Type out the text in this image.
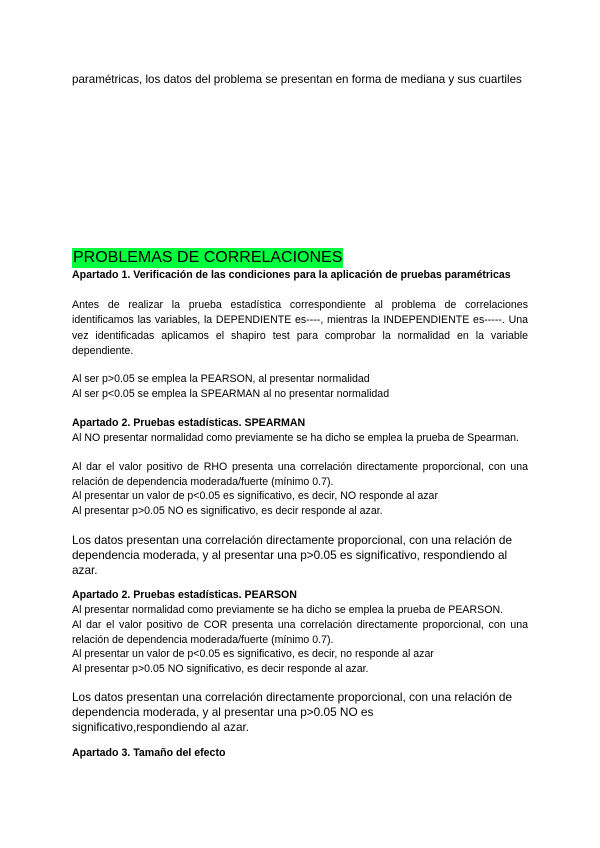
paramétricas, los datos del problema se presentan en forma de mediana y sus cuartiles

PROBLEMAS DE CORRELACIONES

Apartado 1. Verificación de las condiciones para la aplicación de pruebas paramétricas

Antes de realizar la prueba estadística correspondiente al problema de correlaciones identificamos las variables, la DEPENDIENTE es----, mientras la INDEPENDIENTE es-----. Una vez identificadas aplicamos el shapiro test para comprobar la normalidad en la variable dependiente.

Al ser p>0.05 se emplea la PEARSON, al presentar normalidad

Al ser p<0.05 se emplea la SPEARMAN al no presentar normalidad

Apartado 2. Pruebas estadísticas. SPEARMAN

Al NO presentar normalidad como previamente se ha dicho se emplea la prueba de Spearman.

Al dar el valor positivo de RHO presenta una correlación directamente proporcional, con una relación de dependencia moderada/fuerte (mínimo 0.7).

Al presentar un valor de p<0.05 es significativo, es decir, NO responde al azar

Al presentar p>0.05 NO es significativo, es decir responde al azar.

Los datos presentan una correlación directamente proporcional, con una relación de dependencia moderada, y al presentar una p>0.05 es significativo, respondiendo al azar.

Apartado 2. Pruebas estadísticas. PEARSON

Al presentar normalidad como previamente se ha dicho se emplea la prueba de PEARSON.

Al dar el valor positivo de COR presenta una correlación directamente proporcional, con una relación de dependencia moderada/fuerte (mínimo 0.7).

Al presentar un valor de p<0.05 es significativo, es decir, no responde al azar

Al presentar p>0.05 NO significativo, es decir responde al azar.

Los datos presentan una correlación directamente proporcional, con una relación de dependencia moderada, y al presentar una p>0.05 NO es
significativo,respondiendo al azar.

Apartado 3. Tamaño del efecto
